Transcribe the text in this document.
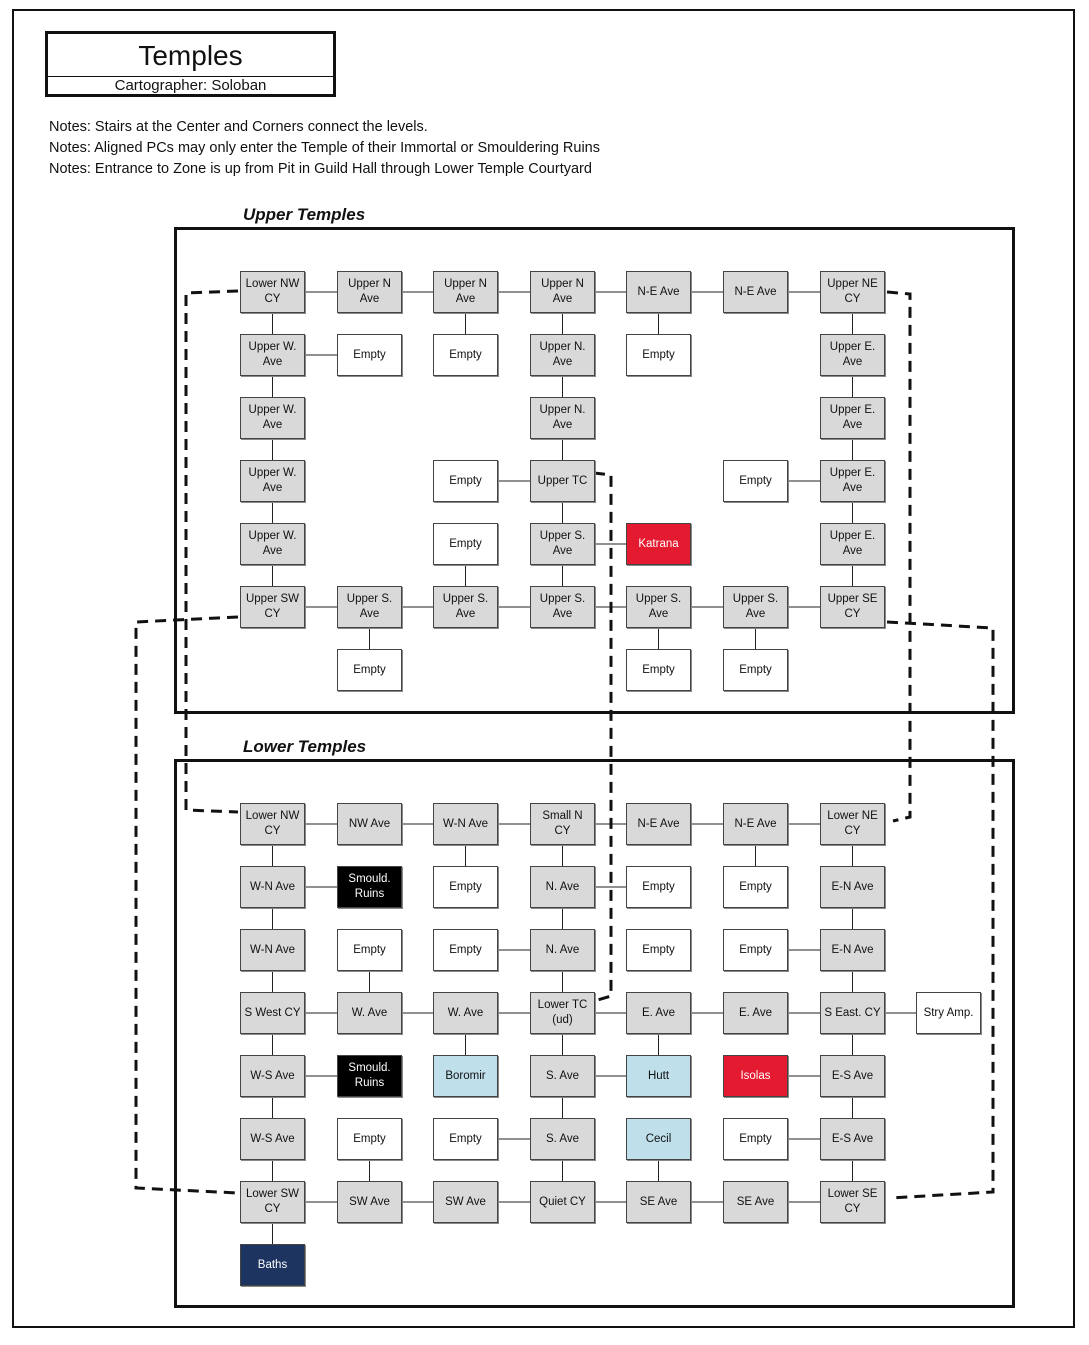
Temples
Cartographer: Soloban
Notes: Stairs at the Center and Corners connect the levels.
Notes: Aligned PCs may only enter the Temple of their Immortal or Smouldering Ruins
Notes: Entrance to Zone is up from Pit in Guild Hall through Lower Temple Courtyard
Upper Temples
Lower Temples
Lower NW CY
Upper N Ave
Upper N Ave
Upper N Ave
N-E Ave	N-E Ave
Upper NE CY
Upper W. Ave
Empty	Empty
Upper N. Ave
Empty
Upper E. Ave
Upper W. Ave
Upper N. Ave
Upper E. Ave
Upper W. Ave
Empty	Upper TC	Empty
Upper E. Ave
Upper W. Ave
Empty
Upper S. Ave
Katrana
Upper E. Ave
Upper SW CY
Upper S. Ave
Upper S. Ave
Upper S. Ave
Upper S. Ave
Upper S. Ave
Upper SE CY
Empty	Empty	Empty
Lower NW CY
NW Ave	W-N Ave
Small N CY
N-E Ave	N-E Ave
Lower NE CY
W-N Ave
Smould. Ruins
Empty	N. Ave	Empty	Empty	E-N Ave
W-N Ave	Empty	Empty	N. Ave	Empty	Empty	E-N Ave
S West CY	W. Ave	W. Ave
Lower TC (ud)
E. Ave	E. Ave	S East. CY	Stry Amp.
W-S Ave
Smould. Ruins
Boromir	S. Ave	Hutt	Isolas	E-S Ave
W-S Ave	Empty	Empty	S. Ave	Cecil	Empty	E-S Ave
Lower SW CY
SW Ave	SW Ave	Quiet CY	SE Ave	SE Ave
Lower SE CY
Baths
